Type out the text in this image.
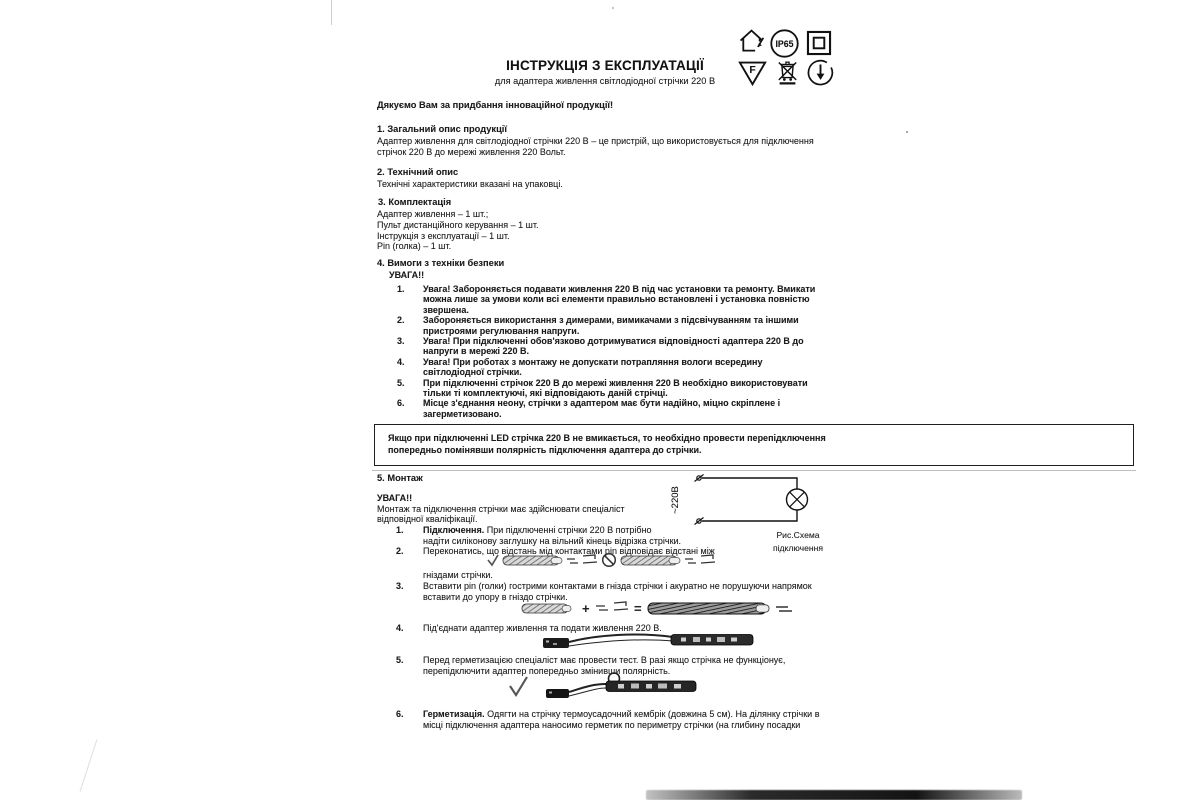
ІНСТРУКЦІЯ З ЕКСПЛУАТАЦІЇ
для адаптера живлення світлодіодної стрічки 220 В
IP65
F
Дякуємо Вам за придбання інноваційної продукції!
1. Загальний опис продукції
Адаптер живлення для світлодіодної стрічки 220 В – це пристрій, що використовується для підключення
стрічок 220 В до мережі живлення 220 Вольт.
2. Технічний опис
Технічні характеристики вказані на упаковці.
3. Комплектація
Адаптер живлення – 1 шт.;
Пульт дистанційного керування – 1 шт.
Інструкція з експлуатації – 1 шт.
Pin (голка) – 1 шт.
4. Вимоги з техніки безпеки
УВАГА!!
1. Увага! Забороняється подавати живлення 220 В під час установки та ремонту. Вмикати
можна лише за умови коли всі елементи правильно встановлені і установка повністю
звершена.
2. Забороняється використання з димерами, вимикачами з підсвічуванням та іншими
пристроями регулювання напруги.
3. Увага! При підключенні обов'язково дотримуватися відповідності адаптера 220 В до
напруги в мережі 220 В.
4. Увага! При роботах з монтажу не допускати потрапляння вологи всередину
світлодіодної стрічки.
5. При підключенні стрічок 220 В до мережі живлення 220 В необхідно використовувати
тільки ті комплектуючі, які відповідають даній стрічці.
6. Місце з'єднання неону, стрічки з адаптером має бути надійно, міцно скріплене і
загерметизовано.
Якщо при підключенні LED стрічка 220 В не вмикається, то необхідно провести перепідключення
попередньо помінявши полярність підключення адаптера до стрічки.
5. Монтаж
УВАГА!!
Монтаж та підключення стрічки має здійснювати спеціаліст
відповідної кваліфікації.
1. Підключення. При підключенні стрічки 220 В потрібно
надіти силіконову заглушку на вільний кінець відрізка стрічки.
2. Переконатись, що відстань мід контактами pin відповідає відстані між
гніздами стрічки.
3. Вставити pin (голки) гострими контактами в гнізда стрічки і акуратно не порушуючи напрямок
вставити до упору в гніздо стрічки.
+	=
4. Під'єднати адаптер живлення та подати живлення 220 В.
5. Перед герметизацією спеціаліст має провести тест. В разі якщо стрічка не функціонує,
перепідключити адаптер попередньо змінивши полярність.
6. Герметизація. Одягти на стрічку термоусадочний кембрік (довжина 5 см). На ділянку стрічки в
місці підключення адаптера наносимо герметик по периметру стрічки (на глибину посадки
~220В
Рис.Схема
підключення
